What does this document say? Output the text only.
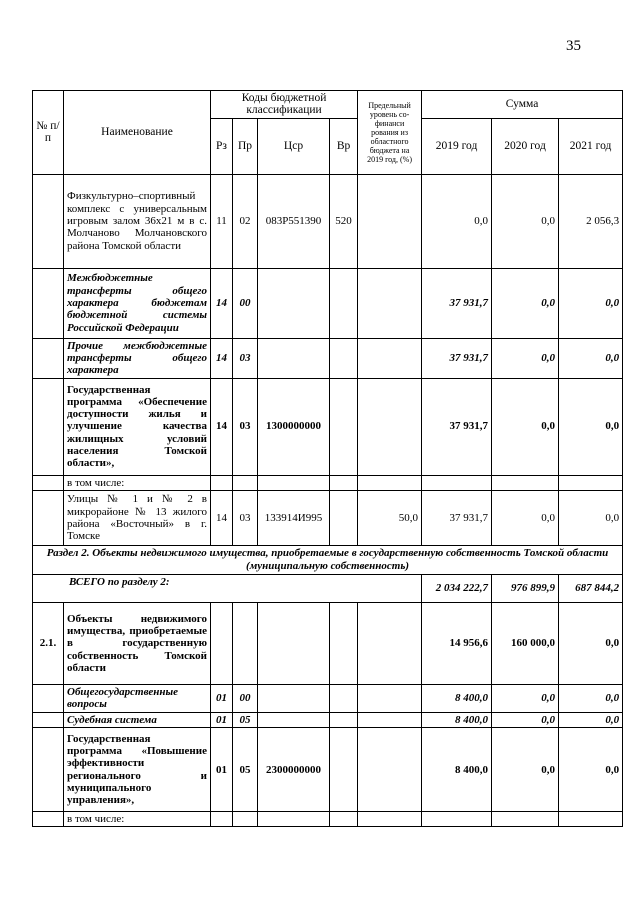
35
№ п/п	Наименование	Коды бюджетной классификации				Предельный уровень со-финанси рования из областного бюджета на 2019 год, (%)	Сумма		
		Рз	Пр	Цср	Вр		2019 год	2020 год	2021 год
	Физкультурно–спортивный комплекс с универсальным игровым залом 36х21 м в с. Молчаново Молчановского района Томской области	11	02	083P551390	520		0,0	0,0	2 056,3
	Межбюджетные трансферты общего характера бюджетам бюджетной системы Российской Федерации	14	00				37 931,7	0,0	0,0
	Прочие межбюджетные трансферты общего характера	14	03				37 931,7	0,0	0,0
	Государственная программа «Обеспечение доступности жилья и улучшение качества жилищных условий населения Томской области»,	14	03	1300000000			37 931,7	0,0	0,0
	в том числе:								
	Улицы № 1 и № 2 в микрорайоне № 13 жилого района «Восточный» в г. Томске	14	03	133914И995		50,0	37 931,7	0,0	0,0
Раздел 2. Объекты недвижимого имущества, приобретаемые в государственную собственность Томской области (муниципальную собственность)									
ВСЕГО по разделу 2:							2 034 222,7	976 899,9	687 844,2
2.1.	Объекты недвижимого имущества, приобретаемые в государственную собственность Томской области						14 956,6	160 000,0	0,0
	Общегосударственные вопросы	01	00				8 400,0	0,0	0,0
	Судебная система	01	05				8 400,0	0,0	0,0
	Государственная программа «Повышение эффективности регионального и муниципального управления»,	01	05	2300000000			8 400,0	0,0	0,0
	в том числе:								
